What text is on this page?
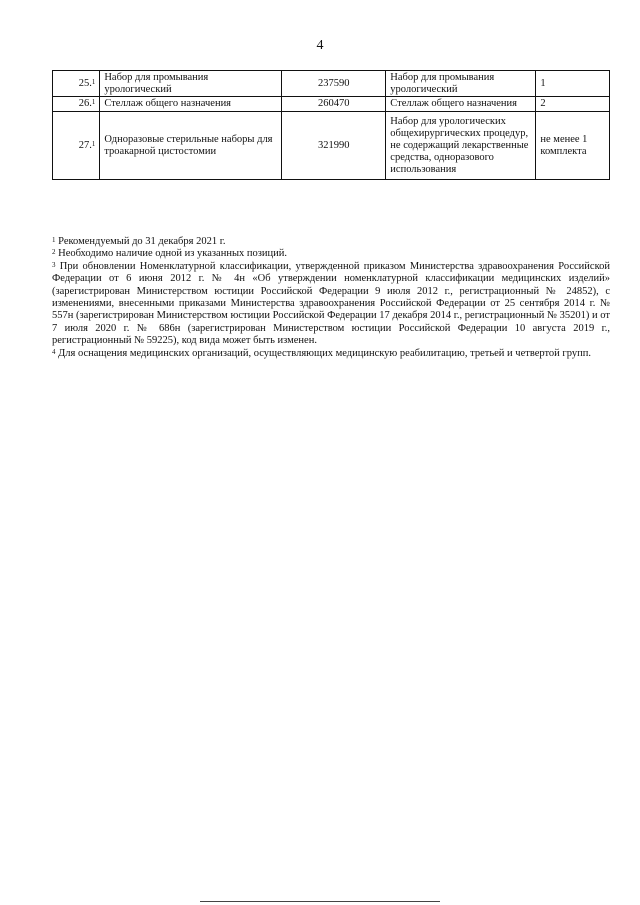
4
25.$^1$	Набор для промывания урологический	237590	Набор для промывания урологический	1
26.$^1$	Стеллаж общего назначения	260470	Стеллаж общего назначения	2
27.$^1$	Одноразовые стерильные наборы для троакарной цистостомии	321990	Набор для урологических общехирургических процедур, не содержащий лекарственные средства, одноразового использования	не менее 1 комплекта

$^1$ Рекомендуемый до 31 декабря 2021 г.

$^2$ Необходимо наличие одной из указанных позиций.

$^3$ При обновлении Номенклатурной классификации, утвержденной приказом Министерства здравоохранения Российской Федерации от 6 июня 2012 г. № 4н «Об утверждении номенклатурной классификации медицинских изделий» (зарегистрирован Министерством юстиции Российской Федерации 9 июля 2012 г., регистрационный № 24852), с изменениями, внесенными приказами Министерства здравоохранения Российской Федерации от 25 сентября 2014 г. № 557н (зарегистрирован Министерством юстиции Российской Федерации 17 декабря 2014 г., регистрационный № 35201) и от 7 июля 2020 г. № 686н (зарегистрирован Министерством юстиции Российской Федерации 10 августа 2019 г., регистрационный № 59225), код вида может быть изменен.

$^4$ Для оснащения медицинских организаций, осуществляющих медицинскую реабилитацию, третьей и четвертой групп.
